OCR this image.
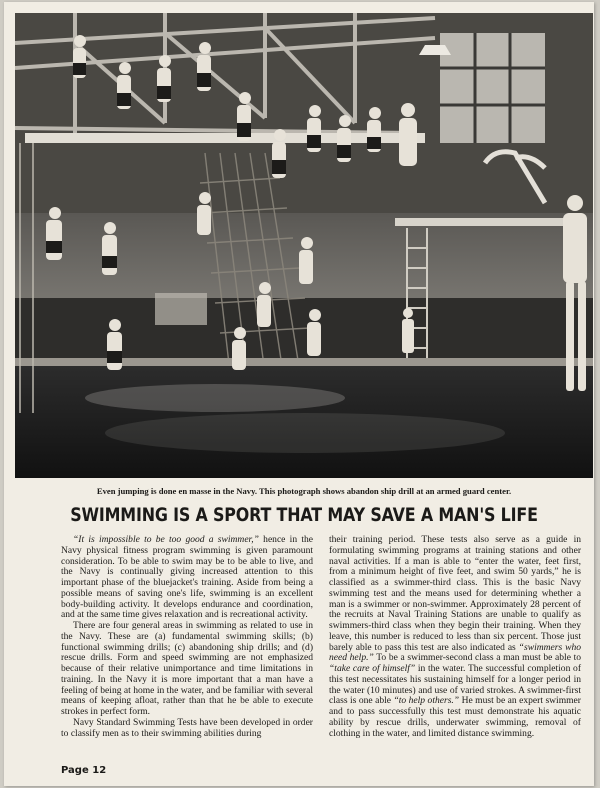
Even jumping is done en masse in the Navy. This photograph shows abandon ship drill at an armed guard center.
SWIMMING IS A SPORT THAT MAY SAVE A MAN'S LIFE

“It is impossible to be too good a swimmer,” hence in the Navy physical fitness program swimming is given paramount consideration. To be able to swim may be to be able to live, and the Navy is continually giving increased attention to this important phase of the bluejacket's training. Aside from being a possible means of saving one's life, swimming is an excellent body-building activity. It develops endurance and coordination, and at the same time gives relaxation and is recreational activity.

There are four general areas in swimming as related to use in the Navy. These are (a) fundamental swimming skills; (b) functional swimming drills; (c) abandoning ship drills; and (d) rescue drills. Form and speed swimming are not emphasized because of their relative unimportance and time limitations in training. In the Navy it is more important that a man have a feeling of being at home in the water, and be familiar with several means of keeping afloat, rather than that he be able to execute strokes in perfect form.

Navy Standard Swimming Tests have been developed in order to classify men as to their swimming abilities during

their training period. These tests also serve as a guide in formulating swimming programs at training stations and other naval activities. If a man is able to “enter the water, feet first, from a minimum height of five feet, and swim 50 yards,” he is classified as a swimmer-third class. This is the basic Navy swimming test and the means used for determining whether a man is a swimmer or non-swimmer. Approximately 28 percent of the recruits at Naval Training Stations are unable to qualify as swimmers-third class when they begin their training. When they leave, this number is reduced to less than six percent. Those just barely able to pass this test are also indicated as “swimmers who need help.” To be a swimmer-second class a man must be able to “take care of himself” in the water. The successful completion of this test necessitates his sustaining himself for a longer period in the water (10 minutes) and use of varied strokes. A swimmer-first class is one able “to help others.” He must be an expert swimmer and to pass successfully this test must demonstrate his aquatic ability by rescue drills, underwater swimming, removal of clothing in the water, and limited distance swimming.

Page 12
